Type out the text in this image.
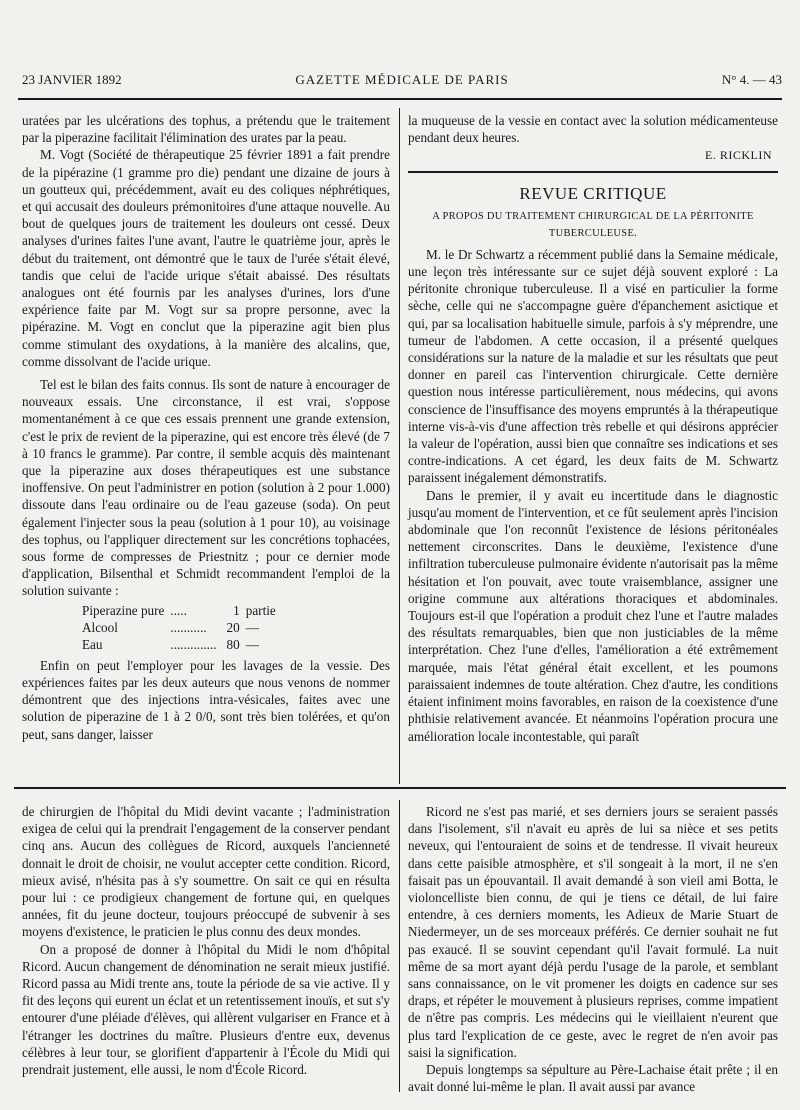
23 JANVIER 1892	GAZETTE MÉDICALE DE PARIS	N° 4. — 43

uratées par les ulcérations des tophus, a prétendu que le traitement par la piperazine facilitait l'élimination des urates par la peau.

M. Vogt (Société de thérapeutique 25 février 1891 a fait prendre de la pipérazine (1 gramme pro die) pendant une dizaine de jours à un goutteux qui, précédemment, avait eu des coliques néphrétiques, et qui accusait des douleurs prémonitoires d'une attaque nouvelle. Au bout de quelques jours de traitement les douleurs ont cessé. Deux analyses d'urines faites l'une avant, l'autre le quatrième jour, après le début du traitement, ont démontré que le taux de l'urée s'était élevé, tandis que celui de l'acide urique s'était abaissé. Des résultats analogues ont été fournis par les analyses d'urines, lors d'une expérience faite par M. Vogt sur sa propre personne, avec la pipérazine. M. Vogt en conclut que la piperazine agit bien plus comme stimulant des oxydations, à la manière des alcalins, que, comme dissolvant de l'acide urique.

Tel est le bilan des faits connus. Ils sont de nature à encourager de nouveaux essais. Une circonstance, il est vrai, s'oppose momentanément à ce que ces essais prennent une grande extension, c'est le prix de revient de la piperazine, qui est encore très élevé (de 7 à 10 francs le gramme). Par contre, il semble acquis dès maintenant que la piperazine aux doses thérapeutiques est une substance inoffensive. On peut l'administrer en potion (solution à 2 pour 1.000) dissoute dans l'eau ordinaire ou de l'eau gazeuse (soda). On peut également l'injecter sous la peau (solution à 1 pour 10), au voisinage des tophus, ou l'appliquer directement sur les concrétions tophacées, sous forme de compresses de Priestnitz ; pour ce dernier mode d'application, Bilsenthal et Schmidt recommandent l'emploi de la solution suivante :

Piperazine pure	.....	1	partie
Alcool	...........	20	—
Eau	..............	80	—

Enfin on peut l'employer pour les lavages de la vessie. Des expériences faites par les deux auteurs que nous venons de nommer démontrent que des injections intra-vésicales, faites avec une solution de piperazine de 1 à 2 0/0, sont très bien tolérées, et qu'on peut, sans danger, laisser

la muqueuse de la vessie en contact avec la solution médicamenteuse pendant deux heures.

E. RICKLIN
REVUE CRITIQUE
A PROPOS DU TRAITEMENT CHIRURGICAL DE LA PÉRITONITE TUBERCULEUSE.

M. le Dr Schwartz a récemment publié dans la Semaine médicale, une leçon très intéressante sur ce sujet déjà souvent exploré : La péritonite chronique tuberculeuse. Il a visé en particulier la forme sèche, celle qui ne s'accompagne guère d'épanchement asictique et qui, par sa localisation habituelle simule, parfois à s'y méprendre, une tumeur de l'abdomen. A cette occasion, il a présenté quelques considérations sur la nature de la maladie et sur les résultats que peut donner en pareil cas l'intervention chirurgicale. Cette dernière question nous intéresse particulièrement, nous médecins, qui avons conscience de l'insuffisance des moyens empruntés à la thérapeutique interne vis-à-vis d'une affection très rebelle et qui désirons apprécier la valeur de l'opération, aussi bien que connaître ses indications et ses contre-indications. A cet égard, les deux faits de M. Schwartz paraissent inégalement démonstratifs.

Dans le premier, il y avait eu incertitude dans le diagnostic jusqu'au moment de l'intervention, et ce fût seulement après l'incision abdominale que l'on reconnût l'existence de lésions péritonéales nettement circonscrites. Dans le deuxième, l'existence d'une infiltration tuberculeuse pulmonaire évidente n'autorisait pas la même hésitation et l'on pouvait, avec toute vraisemblance, assigner une origine commune aux altérations thoraciques et abdominales. Toujours est-il que l'opération a produit chez l'une et l'autre malades des résultats remarquables, bien que non justiciables de la même interprétation. Chez l'une d'elles, l'amélioration a été extrêmement marquée, mais l'état général était excellent, et les poumons paraissaient indemnes de toute altération. Chez d'autre, les conditions étaient infiniment moins favorables, en raison de la coexistence d'une phthisie relativement avancée. Et néanmoins l'opération procura une amélioration locale incontestable, qui paraît

de chirurgien de l'hôpital du Midi devint vacante ; l'administration exigea de celui qui la prendrait l'engagement de la conserver pendant cinq ans. Aucun des collègues de Ricord, auxquels l'ancienneté donnait le droit de choisir, ne voulut accepter cette condition. Ricord, mieux avisé, n'hésita pas à s'y soumettre. On sait ce qui en résulta pour lui : ce prodigieux changement de fortune qui, en quelques années, fit du jeune docteur, toujours préoccupé de subvenir à ses moyens d'existence, le praticien le plus connu des deux mondes.

On a proposé de donner à l'hôpital du Midi le nom d'hôpital Ricord. Aucun changement de dénomination ne serait mieux justifié. Ricord passa au Midi trente ans, toute la période de sa vie active. Il y fit des leçons qui eurent un éclat et un retentissement inouïs, et sut s'y entourer d'une pléiade d'élèves, qui allèrent vulgariser en France et à l'étranger les doctrines du maître. Plusieurs d'entre eux, devenus célèbres à leur tour, se glorifient d'appartenir à l'École du Midi qui prendrait justement, elle aussi, le nom d'École Ricord.

Ricord ne s'est pas marié, et ses derniers jours se seraient passés dans l'isolement, s'il n'avait eu après de lui sa nièce et ses petits neveux, qui l'entouraient de soins et de tendresse. Il vivait heureux dans cette paisible atmosphère, et s'il songeait à la mort, il ne s'en faisait pas un épouvantail. Il avait demandé à son vieil ami Botta, le violoncelliste bien connu, de qui je tiens ce détail, de lui faire entendre, à ces derniers moments, les Adieux de Marie Stuart de Niedermeyer, un de ses morceaux préférés. Ce dernier souhait ne fut pas exaucé. Il se souvint cependant qu'il l'avait formulé. La nuit même de sa mort ayant déjà perdu l'usage de la parole, et semblant sans connaissance, on le vit promener les doigts en cadence sur ses draps, et répéter le mouvement à plusieurs reprises, comme impatient de n'être pas compris. Les médecins qui le vieillaient n'eurent que plus tard l'explication de ce geste, avec le regret de n'en avoir pas saisi la signification.

Depuis longtemps sa sépulture au Père-Lachaise était prête ; il en avait donné lui-même le plan. Il avait aussi par avance
